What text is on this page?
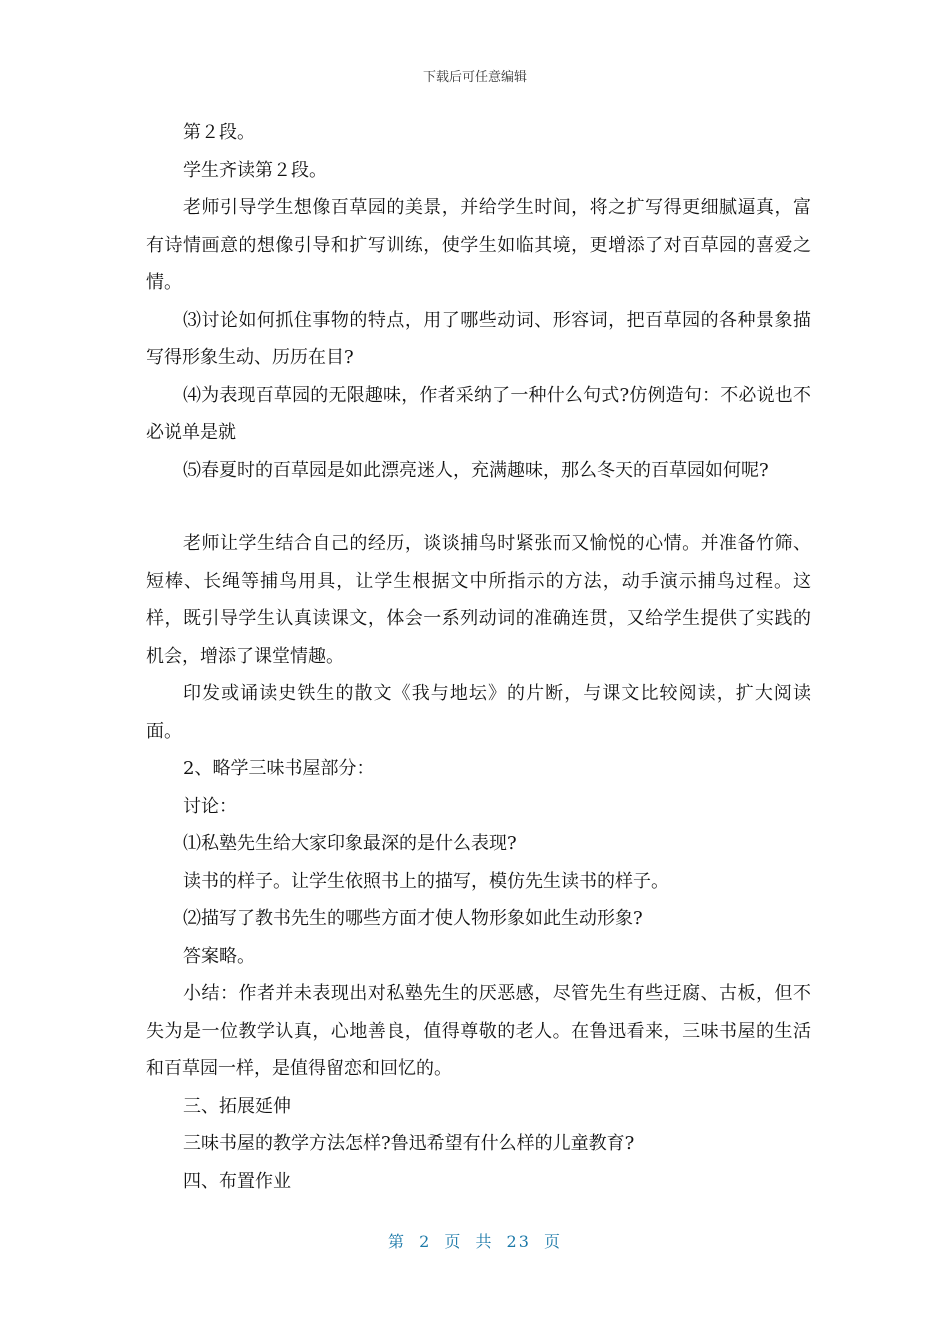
下载后可任意编辑

第２段。

学生齐读第２段。

老师引导学生想像百草园的美景，并给学生时间，将之扩写得更细腻逼真，富有诗情画意的想像引导和扩写训练，使学生如临其境，更增添了对百草园的喜爱之情。

⑶讨论如何抓住事物的特点，用了哪些动词、形容词，把百草园的各种景象描写得形象生动、历历在目?

⑷为表现百草园的无限趣味，作者采纳了一种什么句式?仿例造句：不必说也不必说单是就

⑸春夏时的百草园是如此漂亮迷人，充满趣味，那么冬天的百草园如何呢?

老师让学生结合自己的经历，谈谈捕鸟时紧张而又愉悦的心情。并准备竹筛、短棒、长绳等捕鸟用具，让学生根据文中所指示的方法，动手演示捕鸟过程。这样，既引导学生认真读课文，体会一系列动词的准确连贯，又给学生提供了实践的机会，增添了课堂情趣。

印发或诵读史铁生的散文《我与地坛》的片断，与课文比较阅读，扩大阅读面。

2、略学三味书屋部分：

讨论：

⑴私塾先生给大家印象最深的是什么表现?

读书的样子。让学生依照书上的描写，模仿先生读书的样子。

⑵描写了教书先生的哪些方面才使人物形象如此生动形象?

答案略。

小结：作者并未表现出对私塾先生的厌恶感，尽管先生有些迂腐、古板，但不失为是一位教学认真，心地善良，值得尊敬的老人。在鲁迅看来，三味书屋的生活和百草园一样，是值得留恋和回忆的。

三、拓展延伸

三味书屋的教学方法怎样?鲁迅希望有什么样的儿童教育?

四、布置作业

第 2 页 共 23 页
